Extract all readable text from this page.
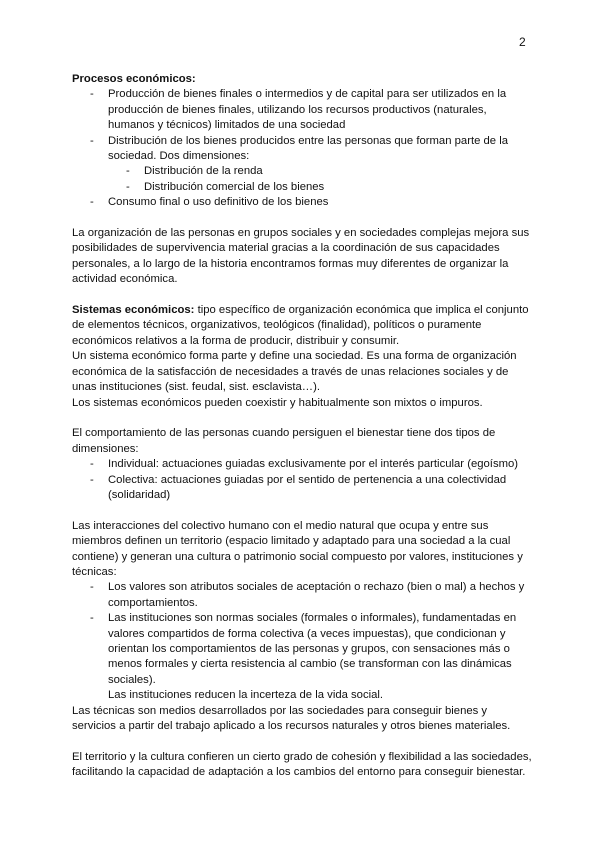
2

Procesos económicos:

- Producción de bienes finales o intermedios y de capital para ser utilizados en la producción de bienes finales, utilizando los recursos productivos (naturales, humanos y técnicos) limitados de una sociedad
- Distribución de los bienes producidos entre las personas que forman parte de la sociedad. Dos dimensiones:
- Distribución de la renda
- Distribución comercial de los bienes
- Consumo final o uso definitivo de los bienes

La organización de las personas en grupos sociales y en sociedades complejas mejora sus posibilidades de supervivencia material gracias a la coordinación de sus capacidades personales, a lo largo de la historia encontramos formas muy diferentes de organizar la actividad económica.

Sistemas económicos: tipo específico de organización económica que implica el conjunto de elementos técnicos, organizativos, teológicos (finalidad), políticos o puramente económicos relativos a la forma de producir, distribuir y consumir.

Un sistema económico forma parte y define una sociedad. Es una forma de organización económica de la satisfacción de necesidades a través de unas relaciones sociales y de unas instituciones (sist. feudal, sist. esclavista…).

Los sistemas económicos pueden coexistir y habitualmente son mixtos o impuros.

El comportamiento de las personas cuando persiguen el bienestar tiene dos tipos de dimensiones:

- Individual: actuaciones guiadas exclusivamente por el interés particular (egoísmo)
- Colectiva: actuaciones guiadas por el sentido de pertenencia a una colectividad (solidaridad)

Las interacciones del colectivo humano con el medio natural que ocupa y entre sus miembros definen un territorio (espacio limitado y adaptado para una sociedad a la cual contiene) y generan una cultura o patrimonio social compuesto por valores, instituciones y técnicas:

- Los valores son atributos sociales de aceptación o rechazo (bien o mal) a hechos y comportamientos.
- Las instituciones son normas sociales (formales o informales), fundamentadas en valores compartidos de forma colectiva (a veces impuestas), que condicionan y orientan los comportamientos de las personas y grupos, con sensaciones más o menos formales y cierta resistencia al cambio (se transforman con las dinámicas sociales).
Las instituciones reducen la incerteza de la vida social.

Las técnicas son medios desarrollados por las sociedades para conseguir bienes y servicios a partir del trabajo aplicado a los recursos naturales y otros bienes materiales.

El territorio y la cultura confieren un cierto grado de cohesión y flexibilidad a las sociedades, facilitando la capacidad de adaptación a los cambios del entorno para conseguir bienestar.
